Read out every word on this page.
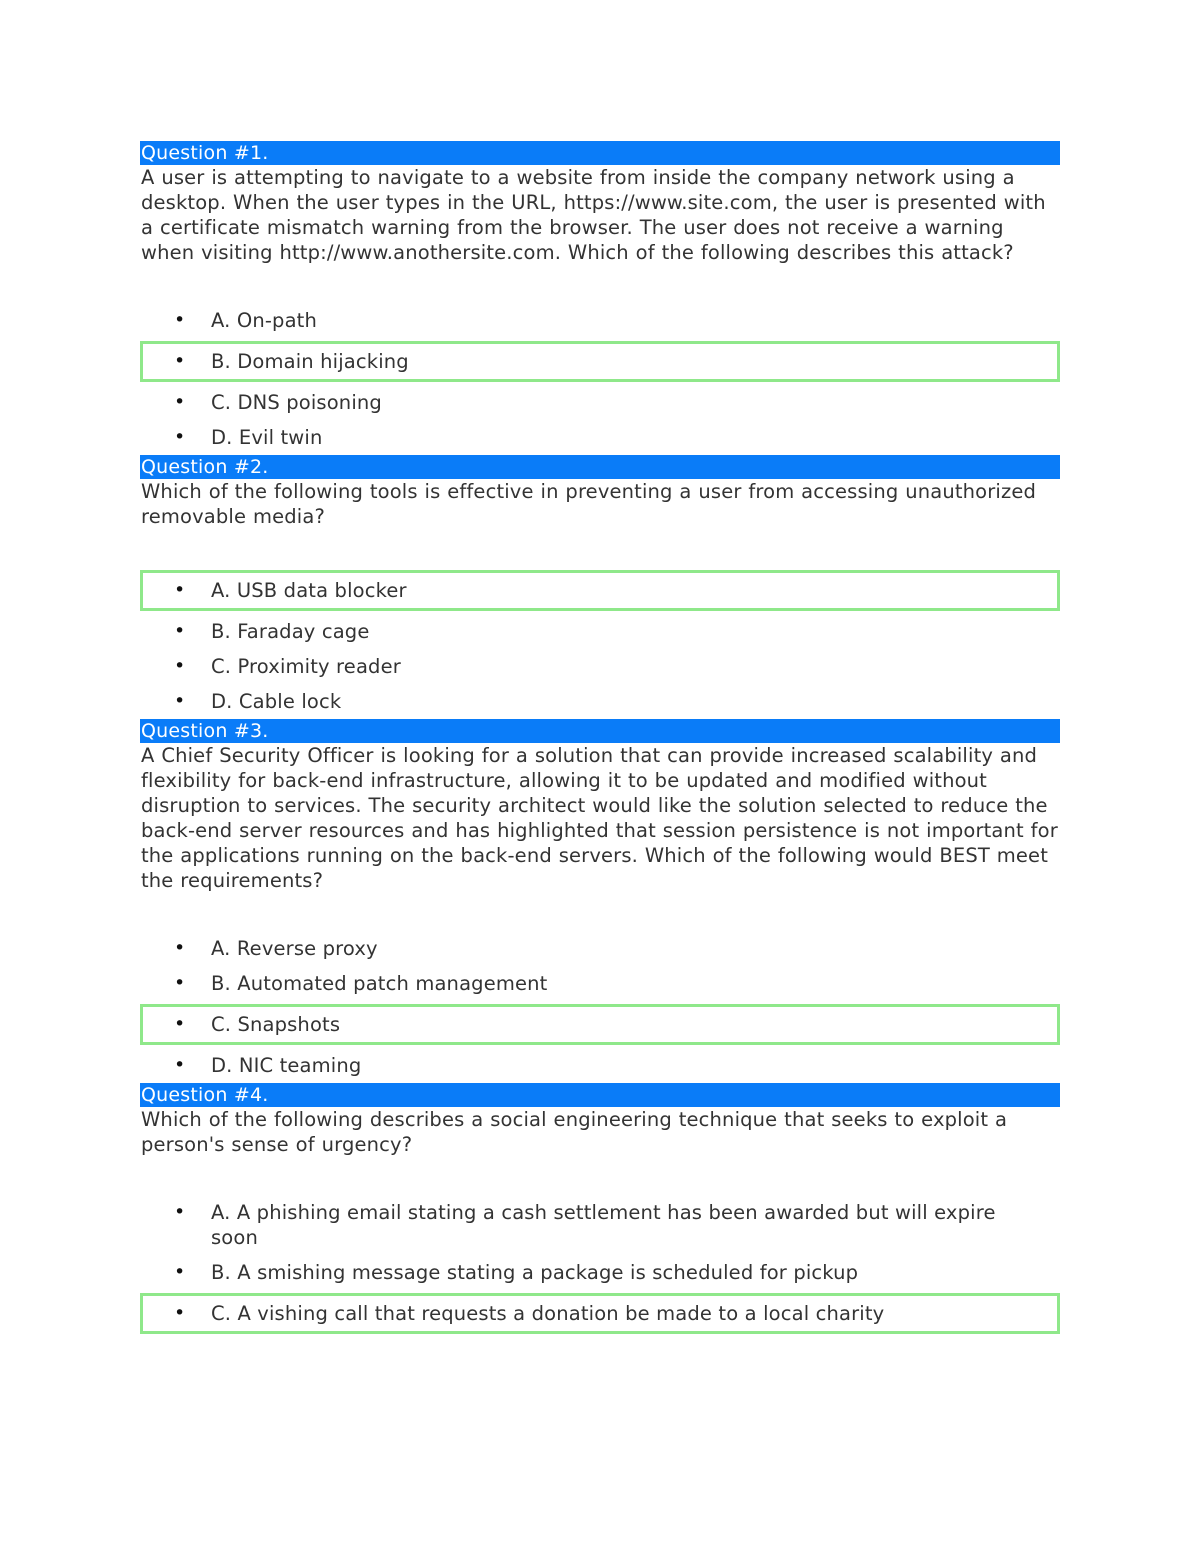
Question #1.

A user is attempting to navigate to a website from inside the company network using a desktop. When the user types in the URL, https://www.site.com, the user is presented with a certificate mismatch warning from the browser. The user does not receive a warning when visiting http://www.anothersite.com. Which of the following describes this attack?

• A. On-path
• B. Domain hijacking
• C. DNS poisoning
• D. Evil twin
Question #2.

Which of the following tools is effective in preventing a user from accessing unauthorized removable media?

• A. USB data blocker
• B. Faraday cage
• C. Proximity reader
• D. Cable lock
Question #3.

A Chief Security Officer is looking for a solution that can provide increased scalability and flexibility for back-end infrastructure, allowing it to be updated and modified without disruption to services. The security architect would like the solution selected to reduce the back-end server resources and has highlighted that session persistence is not important for the applications running on the back-end servers. Which of the following would BEST meet the requirements?

• A. Reverse proxy
• B. Automated patch management
• C. Snapshots
• D. NIC teaming
Question #4.

Which of the following describes a social engineering technique that seeks to exploit a person's sense of urgency?

• A. A phishing email stating a cash settlement has been awarded but will expire soon
• B. A smishing message stating a package is scheduled for pickup
• C. A vishing call that requests a donation be made to a local charity
